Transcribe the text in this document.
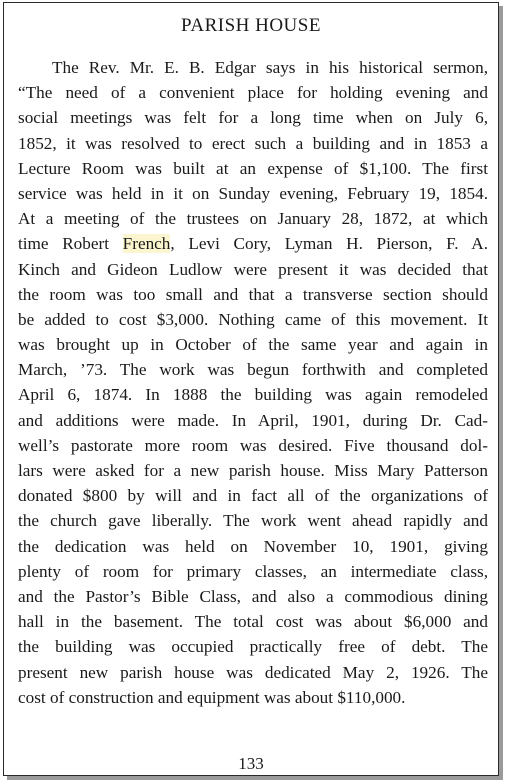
PARISH HOUSE
The Rev. Mr. E. B. Edgar says in his historical sermon,
“The need of a convenient place for holding evening and
social meetings was felt for a long time when on July 6,
1852, it was resolved to erect such a building and in 1853 a
Lecture Room was built at an expense of $1,100. The first
service was held in it on Sunday evening, February 19, 1854.
At a meeting of the trustees on January 28, 1872, at which
time Robert French, Levi Cory, Lyman H. Pierson, F. A.
Kinch and Gideon Ludlow were present it was decided that
the room was too small and that a transverse section should
be added to cost $3,000. Nothing came of this movement. It
was brought up in October of the same year and again in
March, ’73. The work was begun forthwith and completed
April 6, 1874. In 1888 the building was again remodeled
and additions were made. In April, 1901, during Dr. Cad-
well’s pastorate more room was desired. Five thousand dol-
lars were asked for a new parish house. Miss Mary Patterson
donated $800 by will and in fact all of the organizations of
the church gave liberally. The work went ahead rapidly and
the dedication was held on November 10, 1901, giving
plenty of room for primary classes, an intermediate class,
and the Pastor’s Bible Class, and also a commodious dining
hall in the basement. The total cost was about $6,000 and
the building was occupied practically free of debt. The
present new parish house was dedicated May 2, 1926. The
cost of construction and equipment was about $110,000.
133
